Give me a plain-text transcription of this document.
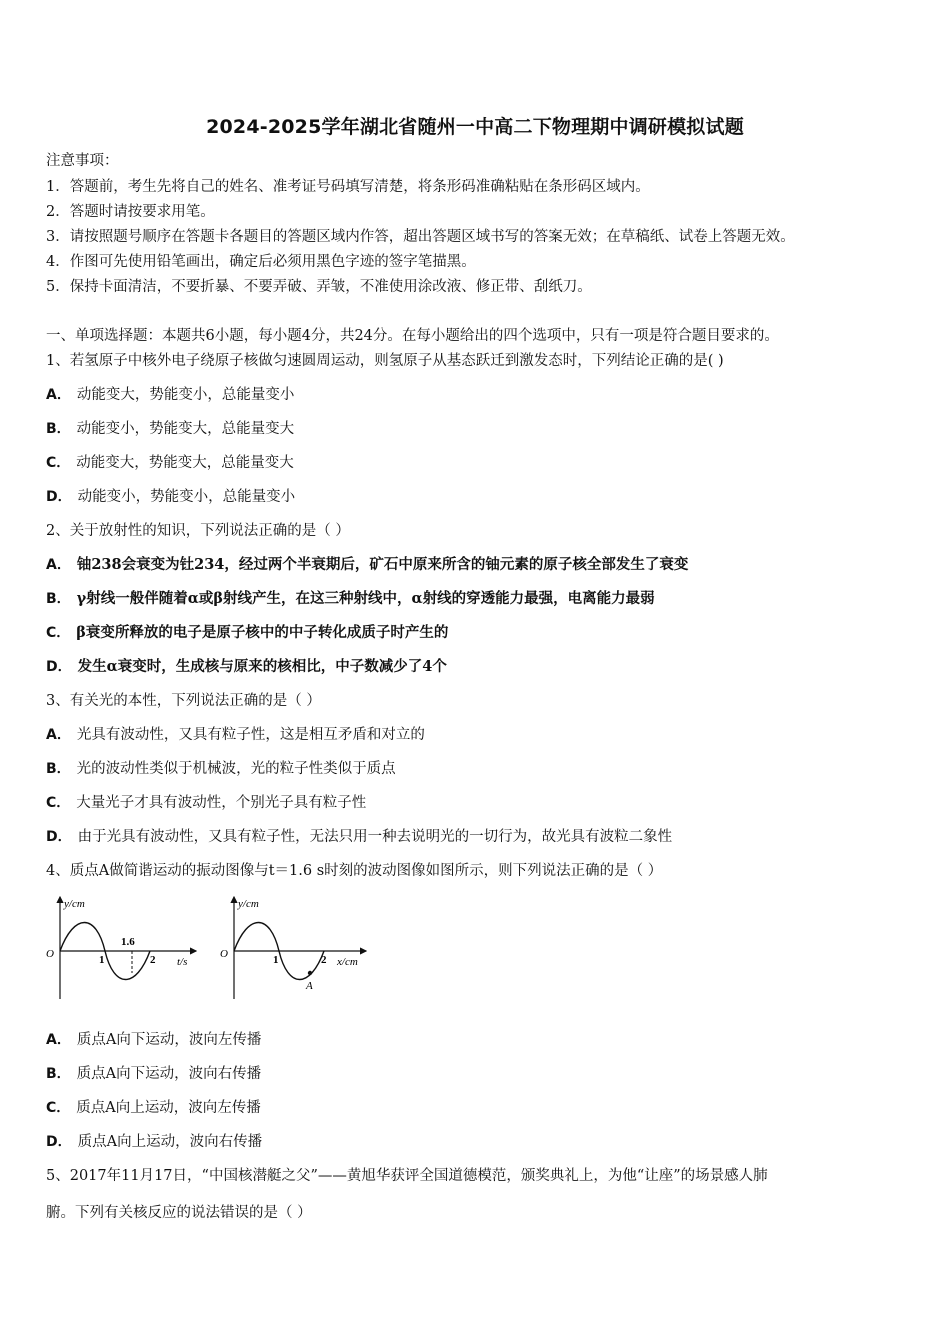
2024-2025学年湖北省随州一中高二下物理期中调研模拟试题
注意事项：
1．答题前，考生先将自己的姓名、准考证号码填写清楚，将条形码准确粘贴在条形码区域内。
2．答题时请按要求用笔。
3．请按照题号顺序在答题卡各题目的答题区域内作答，超出答题区域书写的答案无效；在草稿纸、试卷上答题无效。
4．作图可先使用铅笔画出，确定后必须用黑色字迹的签字笔描黑。
5．保持卡面清洁，不要折暴、不要弄破、弄皱，不准使用涂改液、修正带、刮纸刀。
一、单项选择题：本题共6小题，每小题4分，共24分。在每小题给出的四个选项中，只有一项是符合题目要求的。
1、若氢原子中核外电子绕原子核做匀速圆周运动，则氢原子从基态跃迁到激发态时，下列结论正确的是( )
A． 动能变大，势能变小，总能量变小
B． 动能变小，势能变大，总能量变大
C． 动能变大，势能变大，总能量变大
D． 动能变小，势能变小，总能量变小
2、关于放射性的知识，下列说法正确的是（ ）
A． 铀238会衰变为钍234，经过两个半衰期后，矿石中原来所含的铀元素的原子核全部发生了衰变
B． γ射线一般伴随着α或β射线产生，在这三种射线中，α射线的穿透能力最强，电离能力最弱
C． β衰变所释放的电子是原子核中的中子转化成质子时产生的
D． 发生α衰变时，生成核与原来的核相比，中子数减少了4个
3、有关光的本性，下列说法正确的是（ ）
A． 光具有波动性，又具有粒子性，这是相互矛盾和对立的
B． 光的波动性类似于机械波，光的粒子性类似于质点
C． 大量光子才具有波动性，个别光子具有粒子性
D． 由于光具有波动性，又具有粒子性，无法只用一种去说明光的一切行为，故光具有波粒二象性
4、质点A做简谐运动的振动图像与t＝1.6 s时刻的波动图像如图所示，则下列说法正确的是（ ）
y/cm
O	1
1.6
2 t/s
y/cm
O	1	2
A
x/cm
A． 质点A向下运动，波向左传播
B． 质点A向下运动，波向右传播
C． 质点A向上运动，波向左传播
D． 质点A向上运动，波向右传播
5、2017年11月17日，“中国核潜艇之父”——黄旭华获评全国道德模范，颁奖典礼上，为他“让座”的场景感人肺
腑。下列有关核反应的说法错误的是（ ）
